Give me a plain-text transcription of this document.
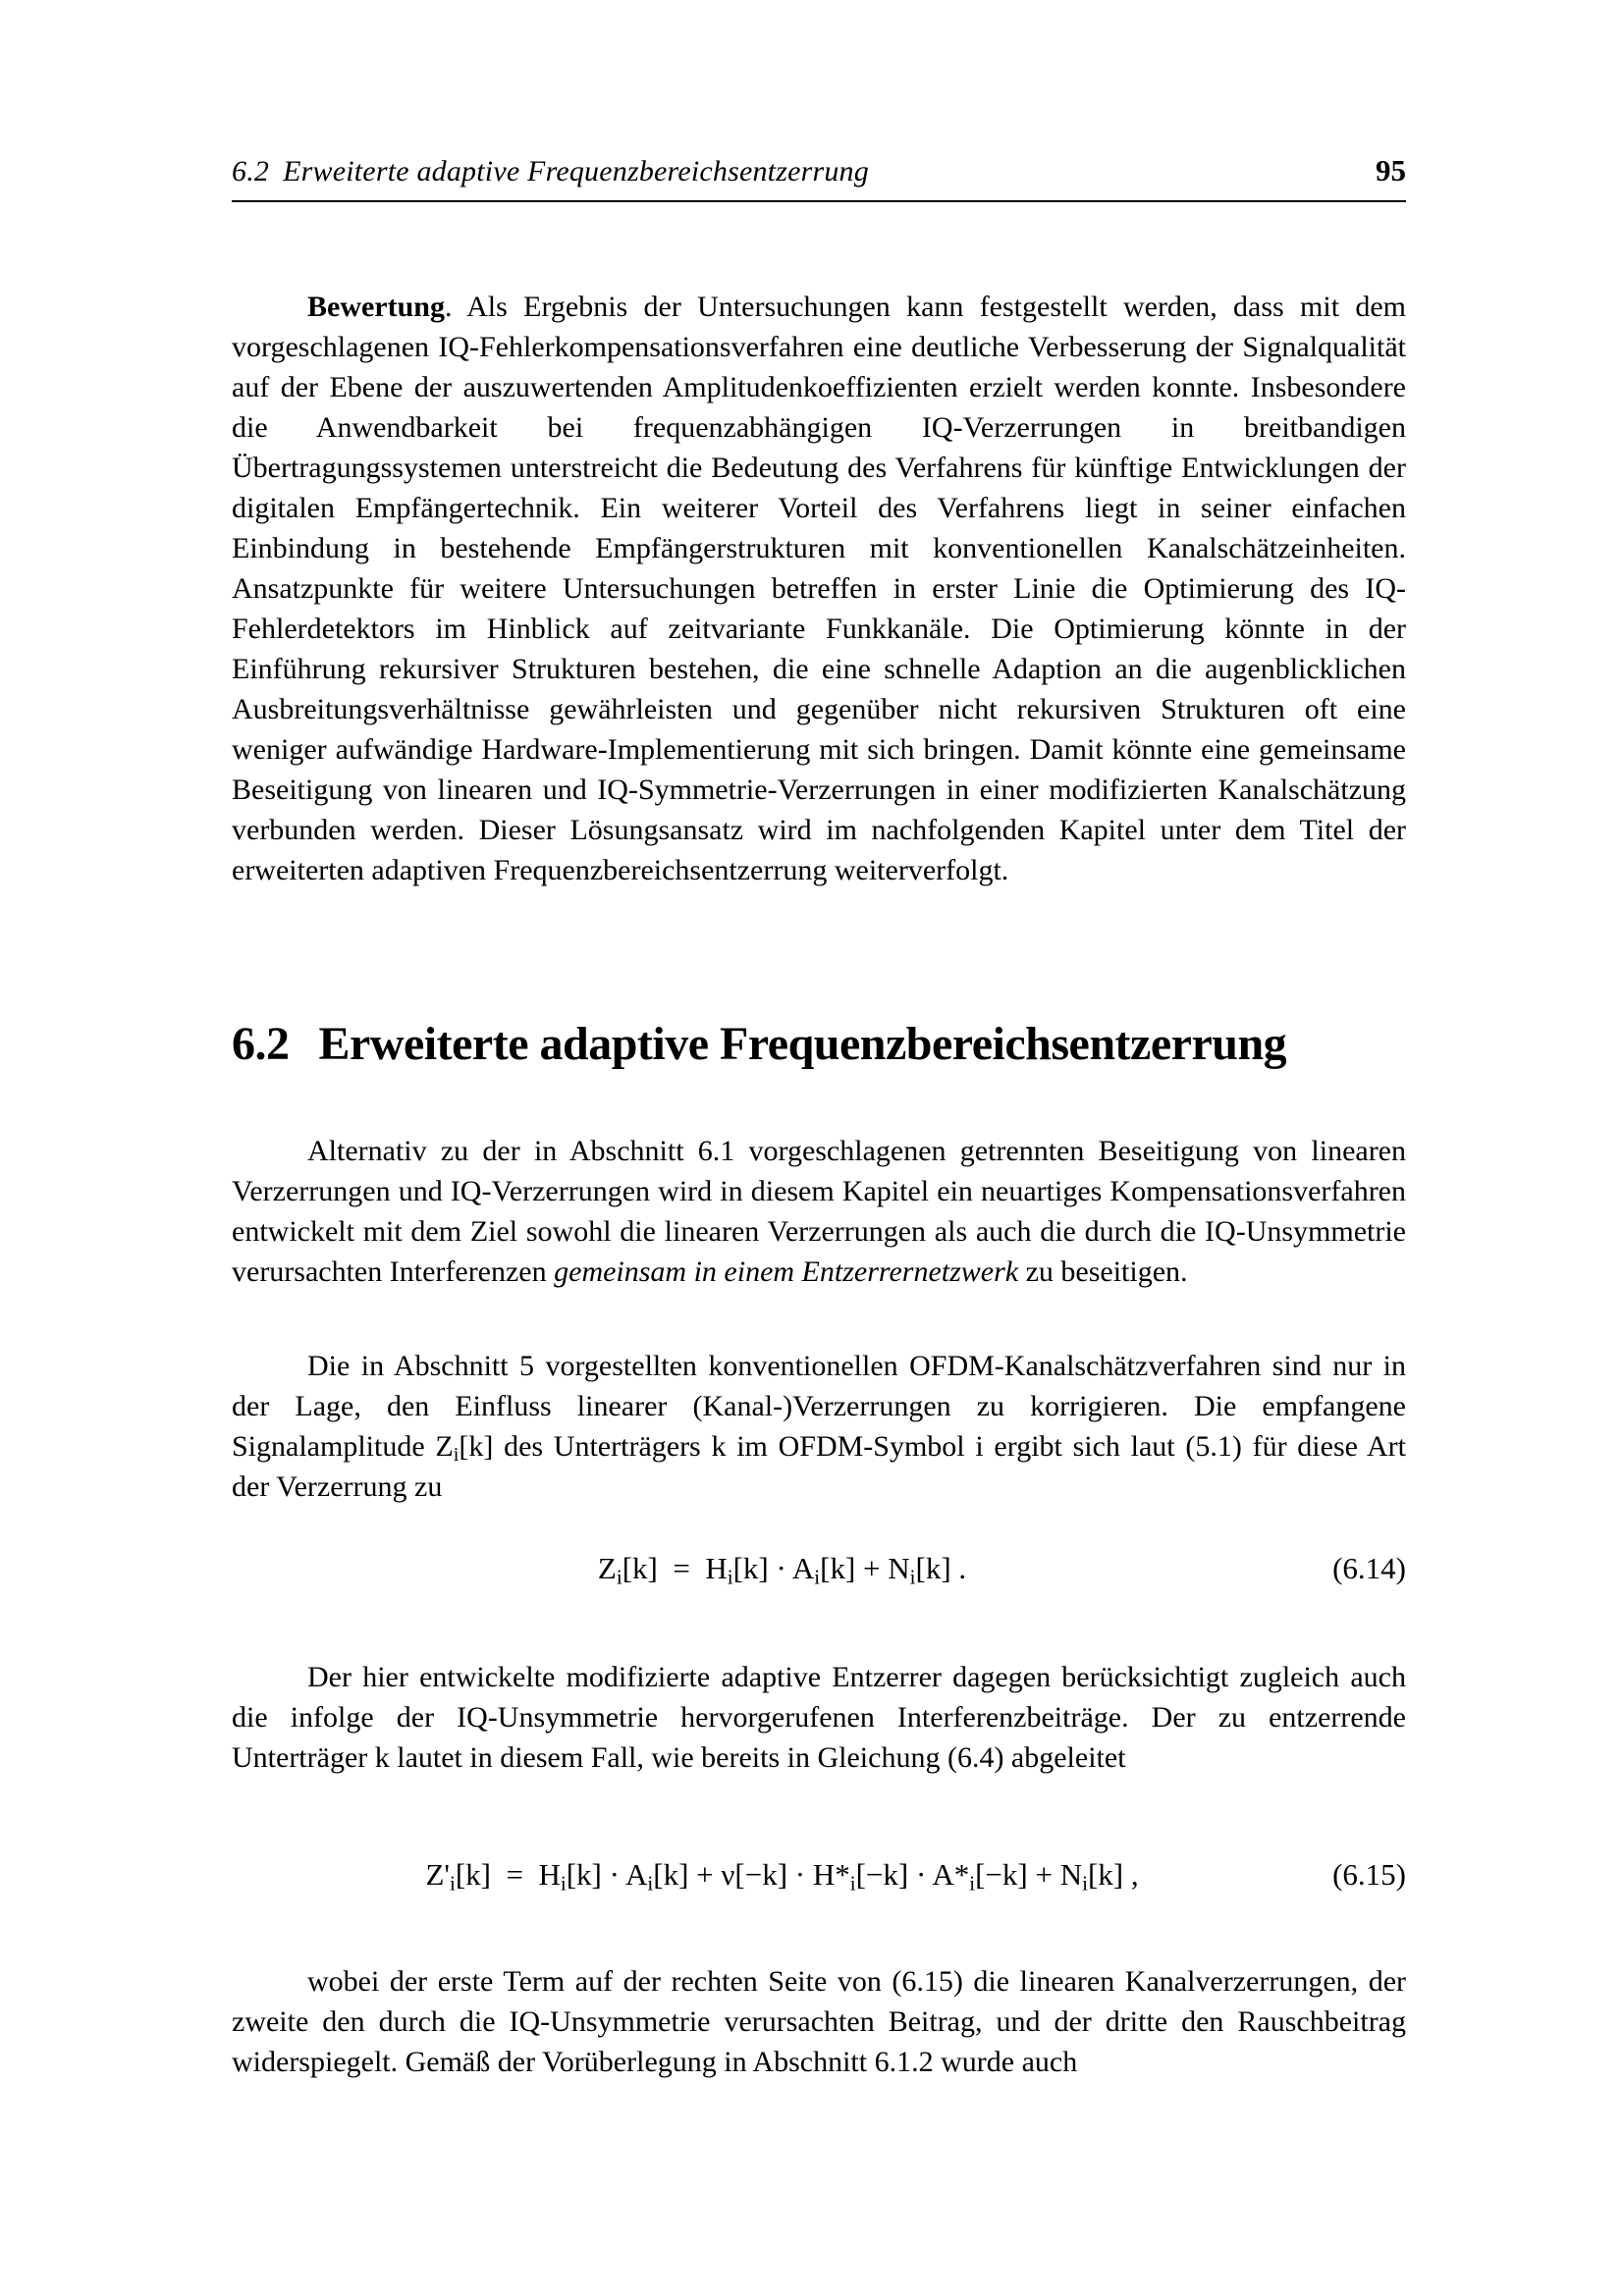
6.2 Erweiterte adaptive Frequenzbereichsentzerrung	95

Bewertung. Als Ergebnis der Untersuchungen kann festgestellt werden, dass mit dem vorgeschlagenen IQ-Fehlerkompensationsverfahren eine deutliche Verbesserung der Signalqualität auf der Ebene der auszuwertenden Amplitudenkoeffizienten erzielt werden konnte. Insbesondere die Anwendbarkeit bei frequenzabhängigen IQ-Verzerrungen in breitbandigen Übertragungssystemen unterstreicht die Bedeutung des Verfahrens für künftige Entwicklungen der digitalen Empfängertechnik. Ein weiterer Vorteil des Verfahrens liegt in seiner einfachen Einbindung in bestehende Empfängerstrukturen mit konventionellen Kanalschätzeinheiten. Ansatzpunkte für weitere Untersuchungen betreffen in erster Linie die Optimierung des IQ-Fehlerdetektors im Hinblick auf zeitvariante Funkkanäle. Die Optimierung könnte in der Einführung rekursiver Strukturen bestehen, die eine schnelle Adaption an die augenblicklichen Ausbreitungsverhältnisse gewährleisten und gegenüber nicht rekursiven Strukturen oft eine weniger aufwändige Hardware-Implementierung mit sich bringen. Damit könnte eine gemeinsame Beseitigung von linearen und IQ-Symmetrie-Verzerrungen in einer modifizierten Kanalschätzung verbunden werden. Dieser Lösungsansatz wird im nachfolgenden Kapitel unter dem Titel der erweiterten adaptiven Frequenzbereichsentzerrung weiterverfolgt.

6.2 Erweiterte adaptive Frequenzbereichsentzerrung

Alternativ zu der in Abschnitt 6.1 vorgeschlagenen getrennten Beseitigung von linearen Verzerrungen und IQ-Verzerrungen wird in diesem Kapitel ein neuartiges Kompensationsverfahren entwickelt mit dem Ziel sowohl die linearen Verzerrungen als auch die durch die IQ-Unsymmetrie verursachten Interferenzen gemeinsam in einem Entzerrernetzwerk zu beseitigen.

Die in Abschnitt 5 vorgestellten konventionellen OFDM-Kanalschätzverfahren sind nur in der Lage, den Einfluss linearer (Kanal-)Verzerrungen zu korrigieren. Die empfangene Signalamplitude $Z_i[k]$ des Unterträgers k im OFDM-Symbol i ergibt sich laut (5.1) für diese Art der Verzerrung zu

$Z_i[k] = H_i[k] \cdot A_i[k] + N_i[k]$ .	(6.14)

Der hier entwickelte modifizierte adaptive Entzerrer dagegen berücksichtigt zugleich auch die infolge der IQ-Unsymmetrie hervorgerufenen Interferenzbeiträge. Der zu entzerrende Unterträger k lautet in diesem Fall, wie bereits in Gleichung (6.4) abgeleitet

$Z'_i[k] = H_i[k] \cdot A_i[k] + \nu[-k] \cdot H*_i[-k] \cdot A*_i[-k] + N_i[k]$ ,	(6.15)

wobei der erste Term auf der rechten Seite von (6.15) die linearen Kanalverzerrungen, der zweite den durch die IQ-Unsymmetrie verursachten Beitrag, und der dritte den Rauschbeitrag widerspiegelt. Gemäß der Vorüberlegung in Abschnitt 6.1.2 wurde auch
